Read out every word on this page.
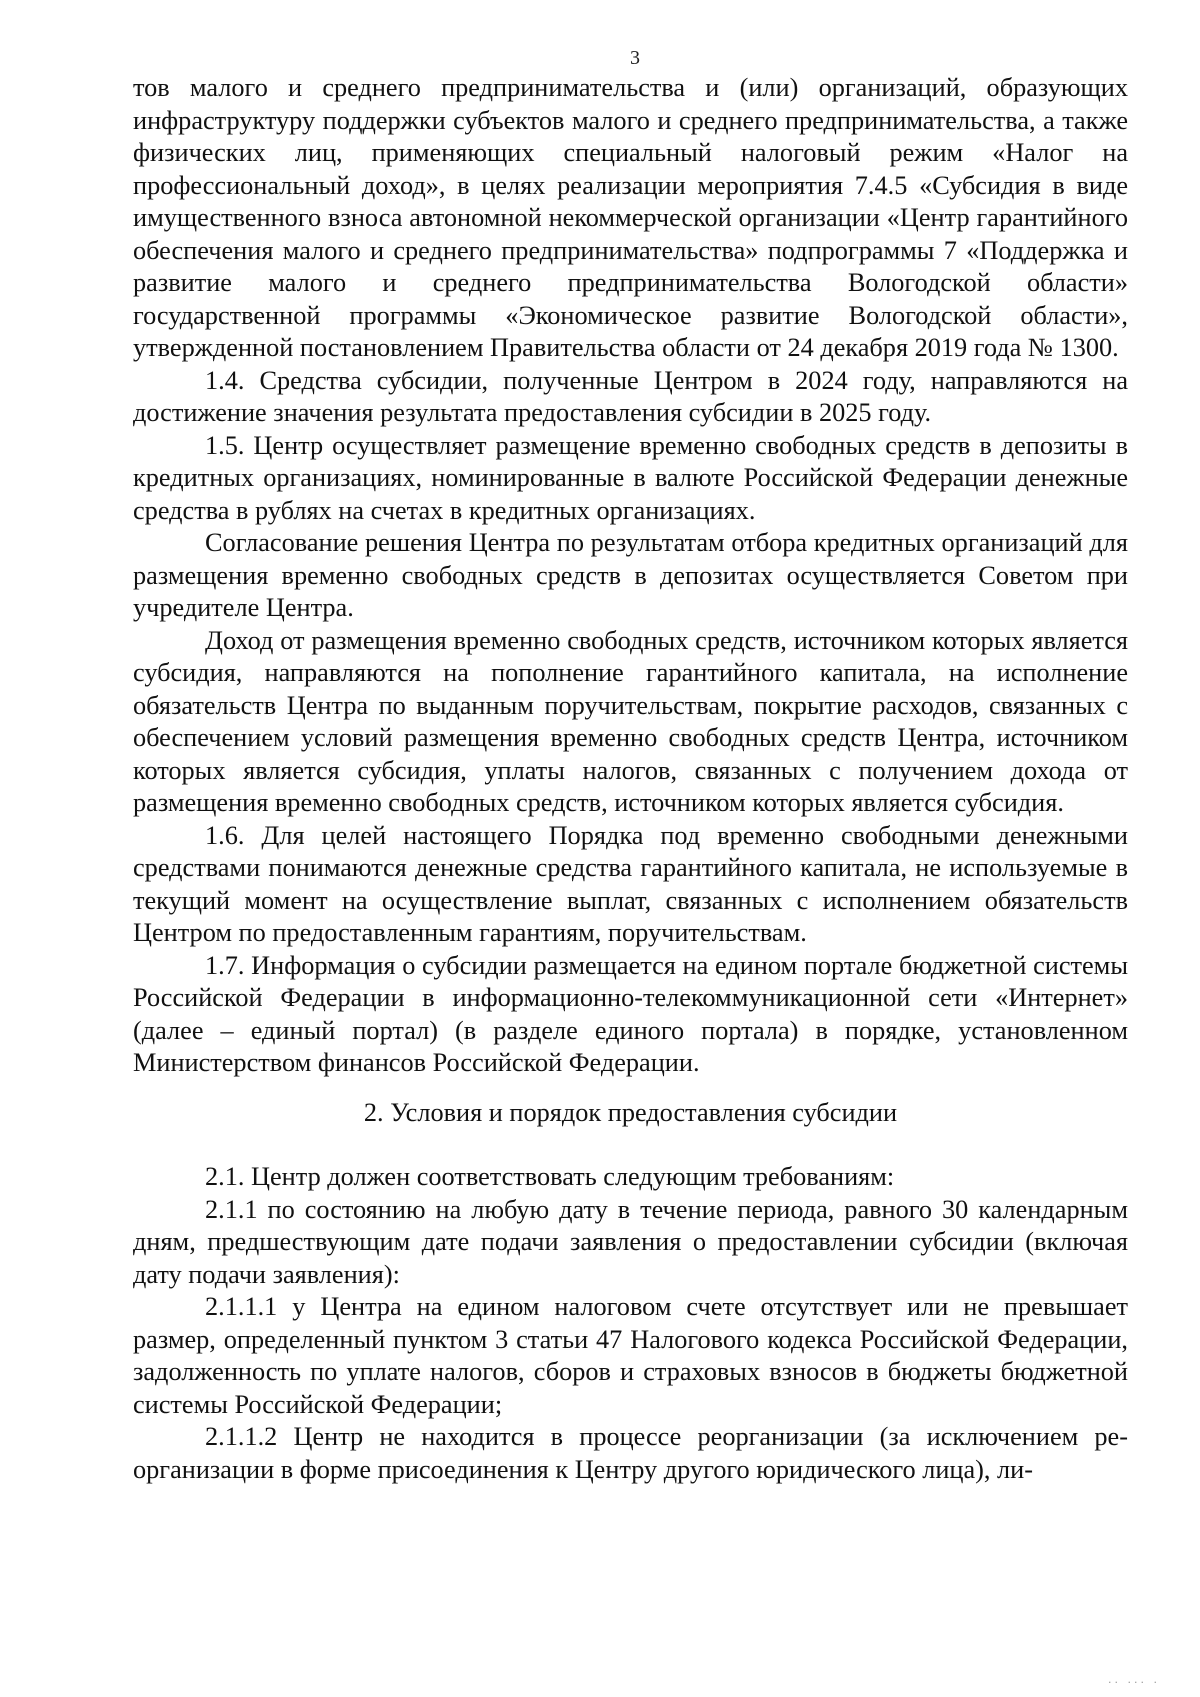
3

тов малого и среднего предпринимательства и (или) организаций, образующих инфраструктуру поддержки субъектов малого и среднего предпринимательства, а также физических лиц, применяющих специальный налоговый режим «Налог на профессиональный доход», в целях реализации мероприятия 7.4.5 «Субсидия в виде имущественного взноса автономной некоммерческой организации «Центр гарантийного обеспечения малого и среднего предпринимательства» подпрограммы 7 «Поддержка и развитие малого и среднего предпринимательства Вологодской области» государственной программы «Экономическое развитие Вологодской области», утвержденной постановлением Правительства области от 24 декабря 2019 года № 1300.

1.4. Средства субсидии, полученные Центром в 2024 году, направляются на достижение значения результата предоставления субсидии в 2025 году.

1.5. Центр осуществляет размещение временно свободных средств в депозиты в кредитных организациях, номинированные в валюте Российской Федерации денежные средства в рублях на счетах в кредитных организациях.

Согласование решения Центра по результатам отбора кредитных организаций для размещения временно свободных средств в депозитах осуществляется Советом при учредителе Центра.

Доход от размещения временно свободных средств, источником которых является субсидия, направляются на пополнение гарантийного капитала, на исполнение обязательств Центра по выданным поручительствам, покрытие расходов, связанных с обеспечением условий размещения временно свободных средств Центра, источником которых является субсидия, уплаты налогов, связанных с получением дохода от размещения временно свободных средств, источником которых является субсидия.

1.6. Для целей настоящего Порядка под временно свободными денежными средствами понимаются денежные средства гарантийного капитала, не используемые в текущий момент на осуществление выплат, связанных с исполнением обязательств Центром по предоставленным гарантиям, поручительствам.

1.7. Информация о субсидии размещается на едином портале бюджетной системы Российской Федерации в информационно-телекоммуникационной сети «Интернет» (далее – единый портал) (в разделе единого портала) в порядке, установленном Министерством финансов Российской Федерации.

2. Условия и порядок предоставления субсидии

2.1. Центр должен соответствовать следующим требованиям:

2.1.1 по состоянию на любую дату в течение периода, равного 30 календарным дням, предшествующим дате подачи заявления о предоставлении субсидии (включая дату подачи заявления):

2.1.1.1 у Центра на едином налоговом счете отсутствует или не превышает размер, определенный пунктом 3 статьи 47 Налогового кодекса Российской Федерации, задолженность по уплате налогов, сборов и страховых взносов в бюджеты бюджетной системы Российской Федерации;

2.1.1.2 Центр не находится в процессе реорганизации (за исключением реорганизации в форме присоединения к Центру другого юридического лица), ли-

·· ··· ·
